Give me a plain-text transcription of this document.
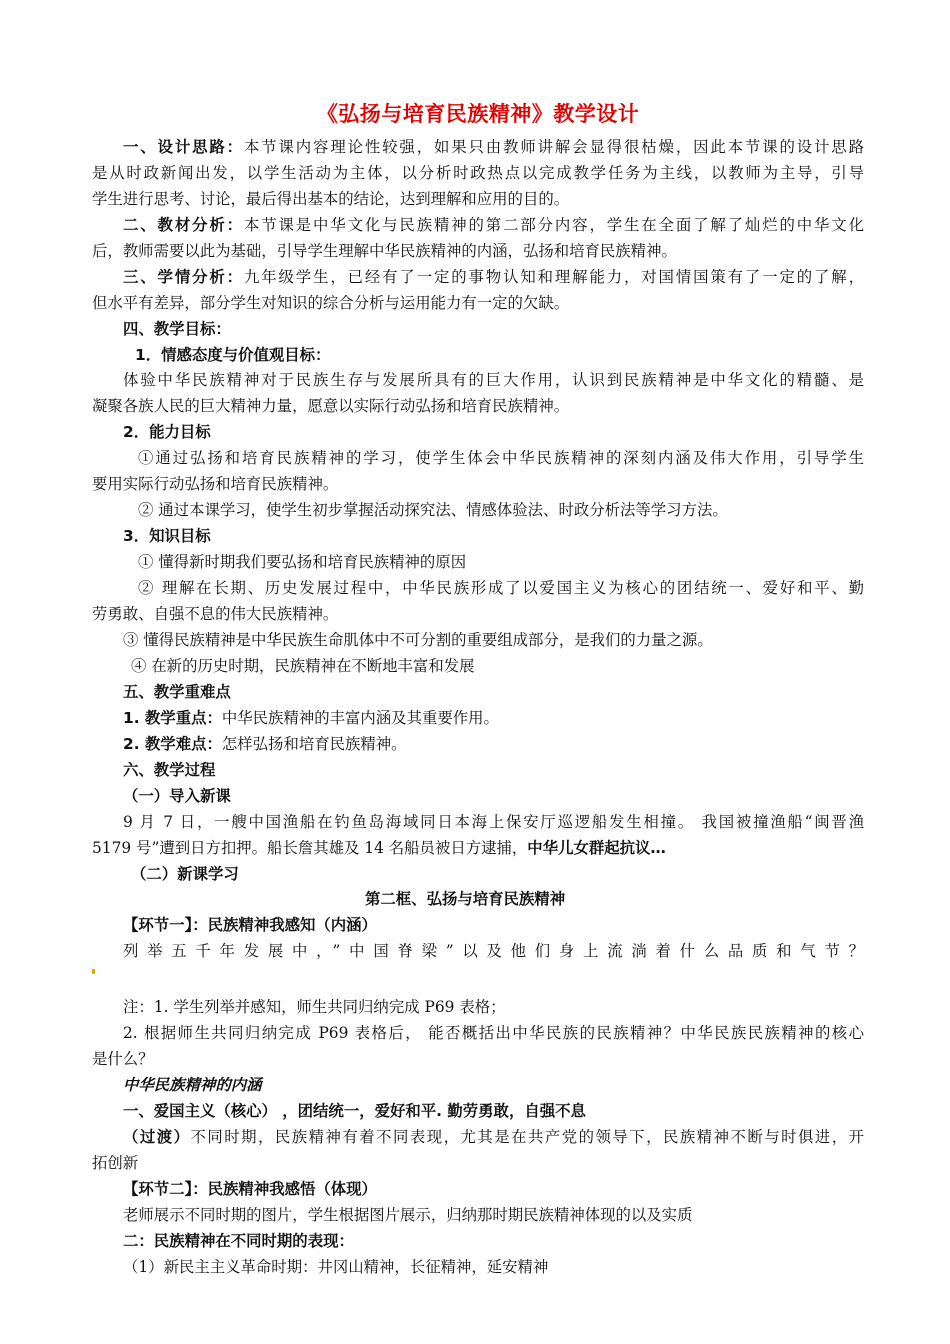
《弘扬与培育民族精神》教学设计
一、设计思路：本节课内容理论性较强，如果只由教师讲解会显得很枯燥，因此本节课的设计思路
是从时政新闻出发，以学生活动为主体，以分析时政热点以完成教学任务为主线，以教师为主导，引导
学生进行思考、讨论，最后得出基本的结论，达到理解和应用的目的。
二、教材分析：本节课是中华文化与民族精神的第二部分内容，学生在全面了解了灿烂的中华文化
后，教师需要以此为基础，引导学生理解中华民族精神的内涵，弘扬和培育民族精神。
三、学情分析：九年级学生，已经有了一定的事物认知和理解能力，对国情国策有了一定的了解，
但水平有差异，部分学生对知识的综合分析与运用能力有一定的欠缺。
四、教学目标：
1．情感态度与价值观目标：
体验中华民族精神对于民族生存与发展所具有的巨大作用，认识到民族精神是中华文化的精髓、是
凝聚各族人民的巨大精神力量，愿意以实际行动弘扬和培育民族精神。
2．能力目标
①通过弘扬和培育民族精神的学习，使学生体会中华民族精神的深刻内涵及伟大作用，引导学生
要用实际行动弘扬和培育民族精神。
② 通过本课学习，使学生初步掌握活动探究法、情感体验法、时政分析法等学习方法。
3．知识目标
① 懂得新时期我们要弘扬和培育民族精神的原因
② 理解在长期、历史发展过程中，中华民族形成了以爱国主义为核心的团结统一、爱好和平、勤
劳勇敢、自强不息的伟大民族精神。
③ 懂得民族精神是中华民族生命肌体中不可分割的重要组成部分，是我们的力量之源。
④ 在新的历史时期，民族精神在不断地丰富和发展
五、教学重难点
1. 教学重点：中华民族精神的丰富内涵及其重要作用。
2. 教学难点：怎样弘扬和培育民族精神。
六、教学过程
（一）导入新课
9 月 7 日，一艘中国渔船在钓鱼岛海域同日本海上保安厅巡逻船发生相撞。 我国被撞渔船“闽晋渔
5179 号”遭到日方扣押。船长詹其雄及 14 名船员被日方逮捕，中华儿女群起抗议…
（二）新课学习
第二框、弘扬与培育民族精神
【环节一】：民族精神我感知（内涵）
列举五千年发展中，”中国脊梁”以及他们身上流淌着什么品质和气节？
注：1. 学生列举并感知，师生共同归纳完成 P69 表格；
2. 根据师生共同归纳完成 P69 表格后， 能否概括出中华民族的民族精神？中华民族民族精神的核心
是什么？
中华民族精神的内涵
一、爱国主义（核心） ，团结统一，爱好和平. 勤劳勇敢，自强不息
（过渡）不同时期，民族精神有着不同表现，尤其是在共产党的领导下，民族精神不断与时俱进，开
拓创新
【环节二】：民族精神我感悟（体现）
老师展示不同时期的图片，学生根据图片展示，归纳那时期民族精神体现的以及实质
二：民族精神在不同时期的表现：
（1）新民主主义革命时期：井冈山精神，长征精神，延安精神
